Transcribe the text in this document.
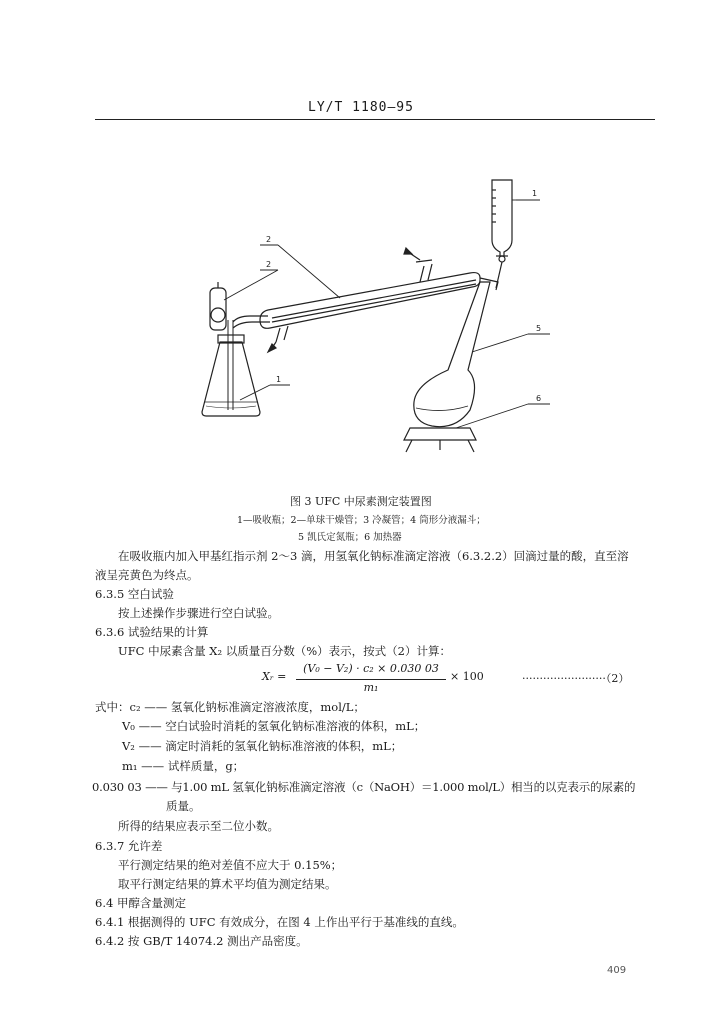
LY/T 1180—95
1
2
2
5
6
1
图 3 UFC 中尿素测定装置图
1—吸收瓶；2—单球干燥管；3 冷凝管；4 筒形分液漏斗；
5 凯氏定氮瓶；6 加热器
在吸收瓶内加入甲基红指示剂 2～3 滴，用氢氧化钠标准滴定溶液（6.3.2.2）回滴过量的酸，直至溶
液呈亮黄色为终点。
6.3.5 空白试验
按上述操作步骤进行空白试验。
6.3.6 试验结果的计算
UFC 中尿素含量 X₂ 以质量百分数（%）表示，按式（2）计算：
Xᵣ =
(V₀ − V₂) · c₂ × 0.030 03
m₁
× 100	························（2）
式中：c₂ —— 氢氧化钠标准滴定溶液浓度，mol/L；
V₀ —— 空白试验时消耗的氢氧化钠标准溶液的体积，mL；
V₂ —— 滴定时消耗的氢氧化钠标准溶液的体积，mL；
m₁ —— 试样质量，g；
0.030 03 —— 与1.00 mL 氢氧化钠标准滴定溶液（c（NaOH）＝1.000 mol/L）相当的以克表示的尿素的
质量。
所得的结果应表示至二位小数。
6.3.7 允许差
平行测定结果的绝对差值不应大于 0.15%；
取平行测定结果的算术平均值为测定结果。
6.4 甲醇含量测定
6.4.1 根据测得的 UFC 有效成分，在图 4 上作出平行于基准线的直线。
6.4.2 按 GB/T 14074.2 测出产品密度。
409
